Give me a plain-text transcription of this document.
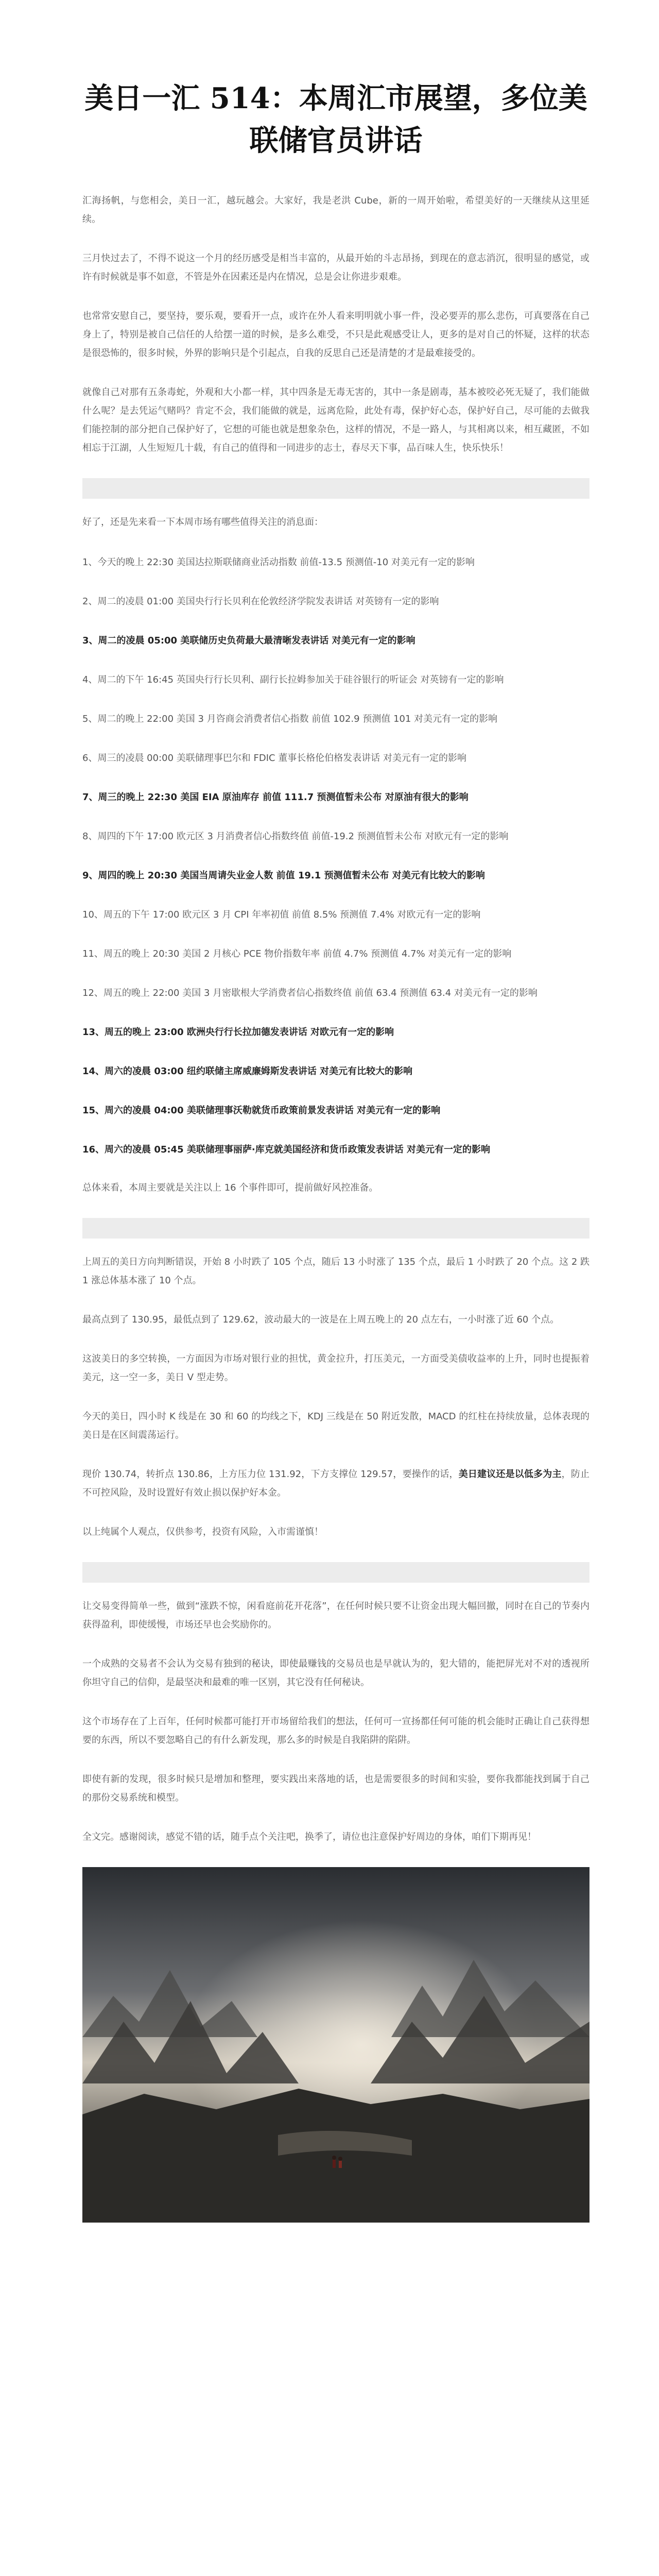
美日一汇 514：本周汇市展望，多位美联储官员讲话

汇海扬帆，与您相会，美日一汇，越玩越会。大家好，我是老洪 Cube，新的一周开始啦，希望美好的一天继续从这里延续。

三月快过去了，不得不说这一个月的经历感受是相当丰富的，从最开始的斗志昂扬，到现在的意志消沉，很明显的感觉，或许有时候就是事不如意，不管是外在因素还是内在情况，总是会让你进步艰难。

也常常安慰自己，要坚持，要乐观，要看开一点，或许在外人看来明明就小事一件，没必要弄的那么悲伤，可真要落在自己身上了，特别是被自己信任的人给摆一道的时候，是多么难受，不只是此观感受让人，更多的是对自己的怀疑，这样的状态是很恐怖的，很多时候，外界的影响只是个引起点，自我的反思自己还是清楚的才是最难接受的。

就像自己对那有五条毒蛇，外观和大小都一样，其中四条是无毒无害的，其中一条是剧毒，基本被咬必死无疑了，我们能做什么呢？是去凭运气赌吗？肯定不会，我们能做的就是，远离危险，此处有毒，保护好心态，保护好自己，尽可能的去做我们能控制的部分把自己保护好了，它想的可能也就是想象杂色，这样的情况，不是一路人，与其相离以来，相互藏匿，不如相忘于江湖，人生短短几十载，有自己的值得和一同进步的志士，春尽天下事，品百味人生，快乐快乐！

好了，还是先来看一下本周市场有哪些值得关注的消息面：

1、今天的晚上 22:30 美国达拉斯联储商业活动指数 前值-13.5 预测值-10 对美元有一定的影响
2、周二的凌晨 01:00 美国央行行长贝利在伦敦经济学院发表讲话 对英镑有一定的影响
3、周二的凌晨 05:00 美联储历史负荷最大最清晰发表讲话 对美元有一定的影响
4、周二的下午 16:45 英国央行行长贝利、副行长拉姆参加关于硅谷银行的听证会 对英镑有一定的影响
5、周二的晚上 22:00 美国 3 月咨商会消费者信心指数 前值 102.9 预测值 101 对美元有一定的影响
6、周三的凌晨 00:00 美联储理事巴尔和 FDIC 董事长格伦伯格发表讲话 对美元有一定的影响
7、周三的晚上 22:30 美国 EIA 原油库存 前值 111.7 预测值暂未公布 对原油有很大的影响
8、周四的下午 17:00 欧元区 3 月消费者信心指数终值 前值-19.2 预测值暂未公布 对欧元有一定的影响
9、周四的晚上 20:30 美国当周请失业金人数 前值 19.1 预测值暂未公布 对美元有比较大的影响
10、周五的下午 17:00 欧元区 3 月 CPI 年率初值 前值 8.5% 预测值 7.4% 对欧元有一定的影响
11、周五的晚上 20:30 美国 2 月核心 PCE 物价指数年率 前值 4.7% 预测值 4.7% 对美元有一定的影响
12、周五的晚上 22:00 美国 3 月密歇根大学消费者信心指数终值 前值 63.4 预测值 63.4 对美元有一定的影响
13、周五的晚上 23:00 欧洲央行行长拉加德发表讲话 对欧元有一定的影响
14、周六的凌晨 03:00 纽约联储主席威廉姆斯发表讲话 对美元有比较大的影响
15、周六的凌晨 04:00 美联储理事沃勒就货币政策前景发表讲话 对美元有一定的影响
16、周六的凌晨 05:45 美联储理事丽萨·库克就美国经济和货币政策发表讲话 对美元有一定的影响

总体来看，本周主要就是关注以上 16 个事件即可，提前做好风控准备。

上周五的美日方向判断错误，开始 8 小时跌了 105 个点，随后 13 小时涨了 135 个点，最后 1 小时跌了 20 个点。这 2 跌 1 涨总体基本涨了 10 个点。

最高点到了 130.95，最低点到了 129.62，波动最大的一波是在上周五晚上的 20 点左右，一小时涨了近 60 个点。

这波美日的多空转换，一方面因为市场对银行业的担忧，黄金拉升，打压美元，一方面受美债收益率的上升，同时也提振着美元，这一空一多，美日 V 型走势。

今天的美日，四小时 K 线是在 30 和 60 的均线之下，KDJ 三线是在 50 附近发散，MACD 的红柱在持续放量，总体表现的美日是在区间震荡运行。

现价 130.74，转折点 130.86，上方压力位 131.92，下方支撑位 129.57，要操作的话，美日建议还是以低多为主，防止不可控风险，及时设置好有效止损以保护好本金。

以上纯属个人观点，仅供参考，投资有风险，入市需谨慎！

让交易变得简单一些，做到“涨跌不惊，闲看庭前花开花落”，在任何时候只要不让资金出现大幅回撤，同时在自己的节奏内获得盈利，即使缓慢，市场还早也会奖励你的。

一个成熟的交易者不会认为交易有独到的秘诀，即使最赚钱的交易员也是早就认为的，犯大错的，能把屏光对不对的透视所你坦守自己的信仰，是最坚决和最难的唯一区别，其它没有任何秘诀。

这个市场存在了上百年，任何时候都可能打开市场留给我们的想法，任何可一宣扬都任何可能的机会能时正确让自己获得想要的东西，所以不要忽略自己的有什么新发现，那么多的时候是自我陷阱的陷阱。

即使有新的发现，很多时候只是增加和整理，要实践出来落地的话，也是需要很多的时间和实验，要你我都能找到属于自己的那份交易系统和模型。

全文完。感谢阅读，感觉不错的话，随手点个关注吧，换季了，请位也注意保护好周边的身体，咱们下期再见！
